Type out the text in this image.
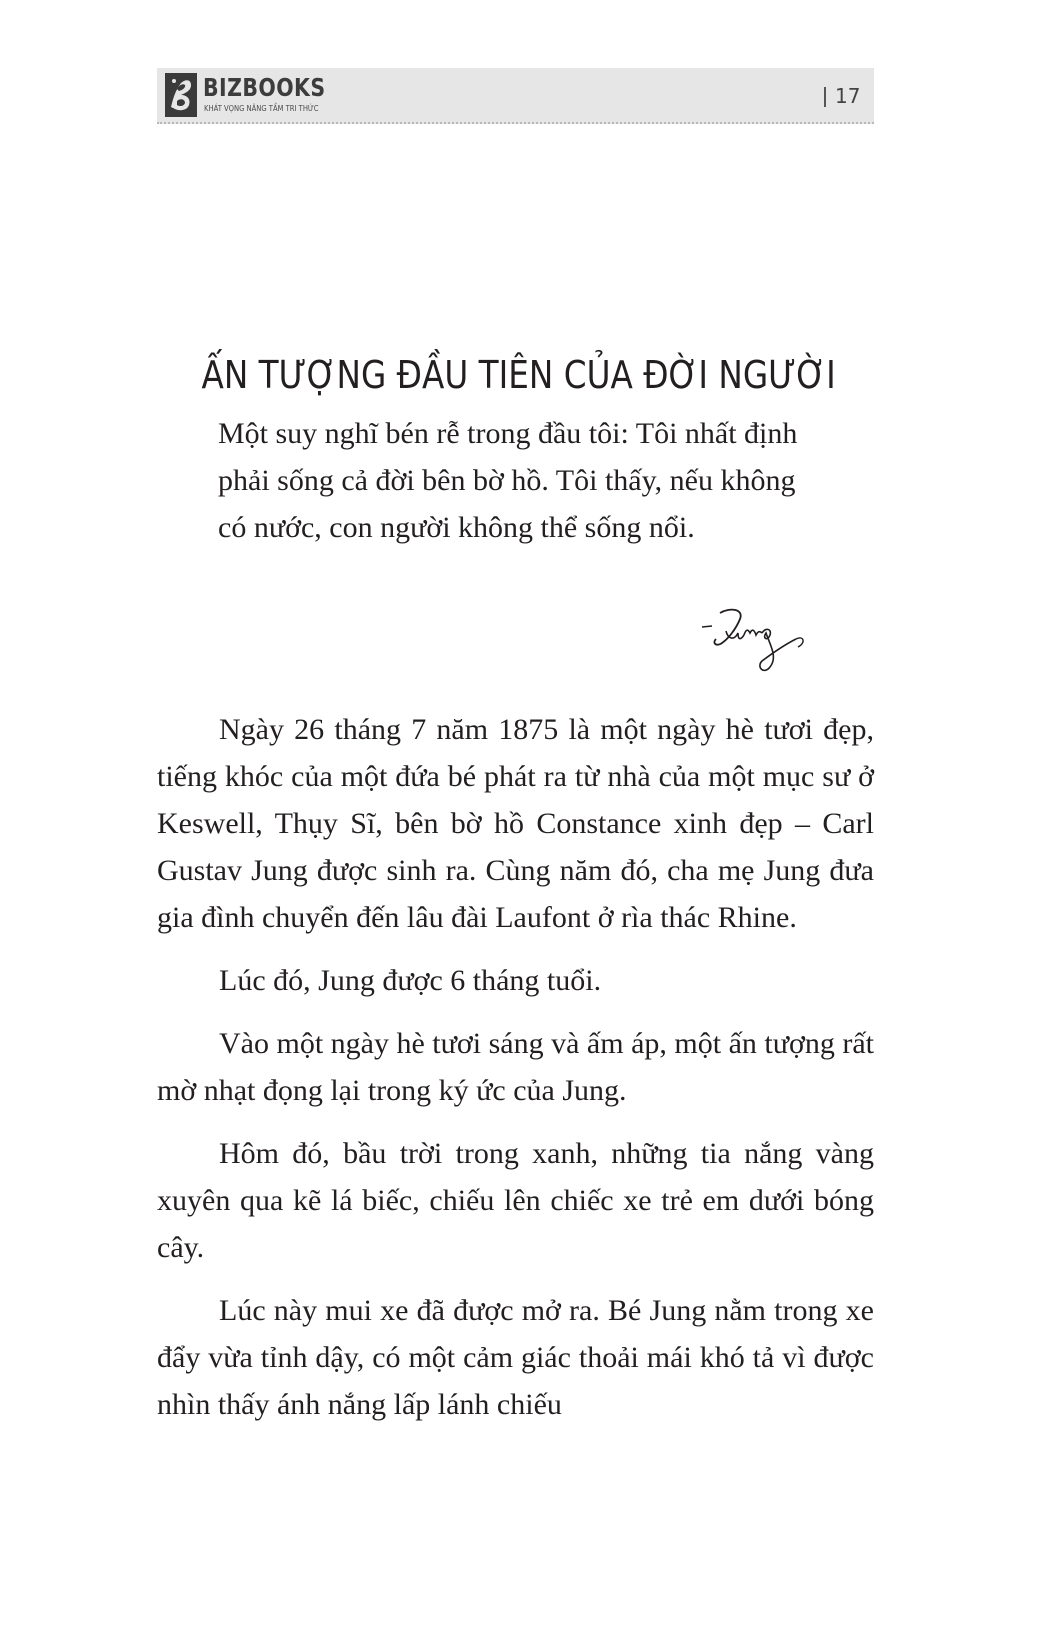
BIZBOOKS
KHÁT VỌNG NÂNG TẦM TRI THỨC
17
ẤN TƯỢNG ĐẦU TIÊN CỦA ĐỜI NGƯỜI

Một suy nghĩ bén rễ trong đầu tôi: Tôi nhất định phải sống cả đời bên bờ hồ. Tôi thấy, nếu không có nước, con người không thể sống nổi.

Ngày 26 tháng 7 năm 1875 là một ngày hè tươi đẹp, tiếng khóc của một đứa bé phát ra từ nhà của một mục sư ở Keswell, Thụy Sĩ, bên bờ hồ Constance xinh đẹp – Carl Gustav Jung được sinh ra. Cùng năm đó, cha mẹ Jung đưa gia đình chuyển đến lâu đài Laufont ở rìa thác Rhine.

Lúc đó, Jung được 6 tháng tuổi.

Vào một ngày hè tươi sáng và ấm áp, một ấn tượng rất mờ nhạt đọng lại trong ký ức của Jung.

Hôm đó, bầu trời trong xanh, những tia nắng vàng xuyên qua kẽ lá biếc, chiếu lên chiếc xe trẻ em dưới bóng cây.

Lúc này mui xe đã được mở ra. Bé Jung nằm trong xe đẩy vừa tỉnh dậy, có một cảm giác thoải mái khó tả vì được nhìn thấy ánh nắng lấp lánh chiếu
